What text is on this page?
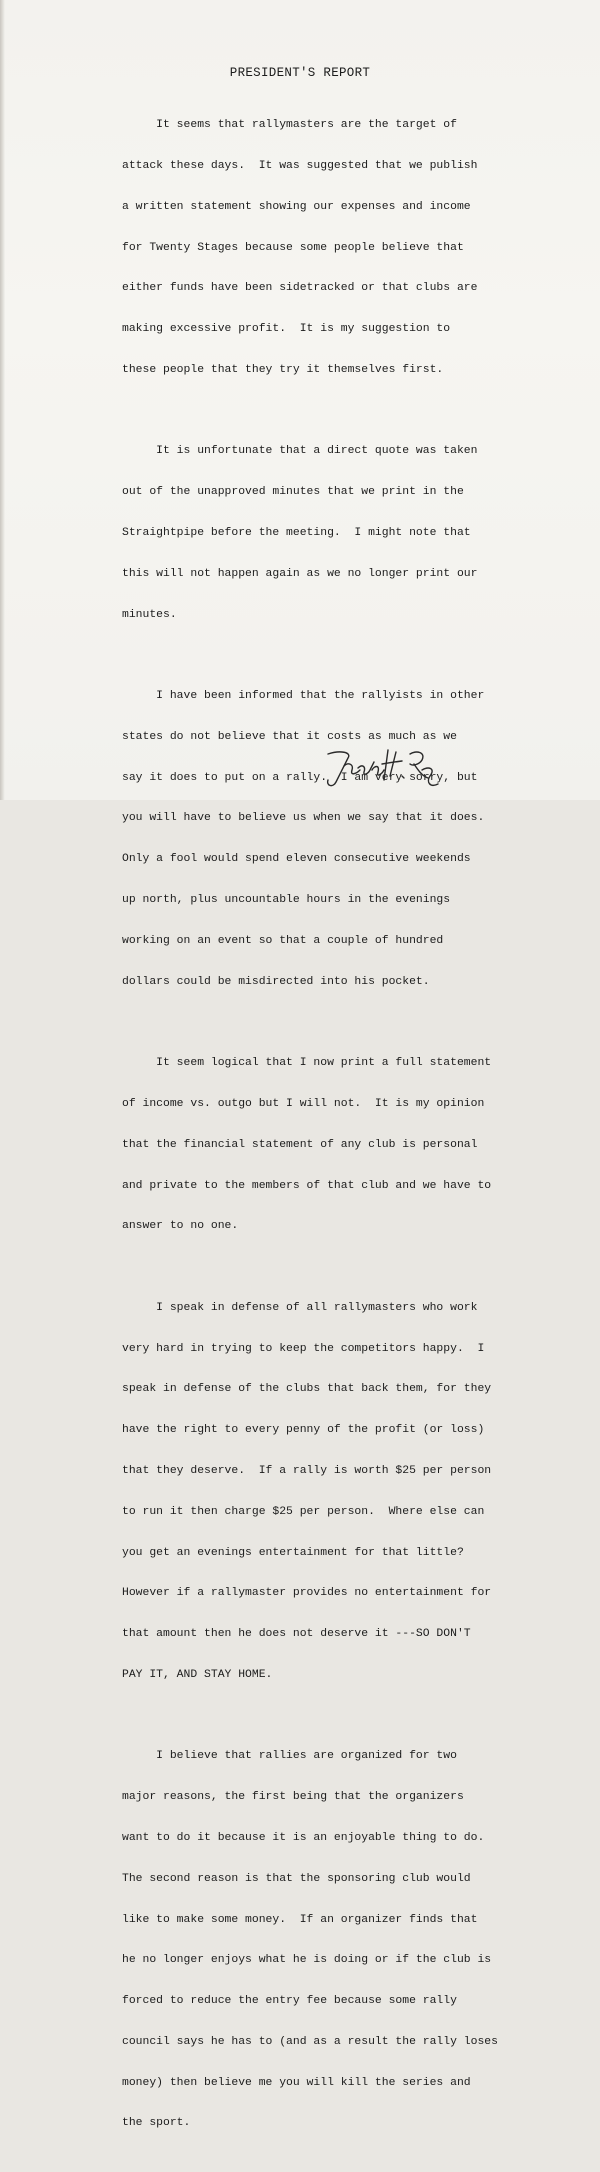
PRESIDENT'S REPORT

It seems that rallymasters are the target of

attack these days.  It was suggested that we publish

a written statement showing our expenses and income

for Twenty Stages because some people believe that

either funds have been sidetracked or that clubs are

making excessive profit.  It is my suggestion to

these people that they try it themselves first.

It is unfortunate that a direct quote was taken

out of the unapproved minutes that we print in the

Straightpipe before the meeting.  I might note that

this will not happen again as we no longer print our

minutes.

I have been informed that the rallyists in other

states do not believe that it costs as much as we

say it does to put on a rally.  I am very sorry, but

you will have to believe us when we say that it does.

Only a fool would spend eleven consecutive weekends

up north, plus uncountable hours in the evenings

working on an event so that a couple of hundred

dollars could be misdirected into his pocket.

It seem logical that I now print a full statement

of income vs. outgo but I will not.  It is my opinion

that the financial statement of any club is personal

and private to the members of that club and we have to

answer to no one.

I speak in defense of all rallymasters who work

very hard in trying to keep the competitors happy.  I

speak in defense of the clubs that back them, for they

have the right to every penny of the profit (or loss)

that they deserve.  If a rally is worth $25 per person

to run it then charge $25 per person.  Where else can

you get an evenings entertainment for that little?

However if a rallymaster provides no entertainment for

that amount then he does not deserve it ---SO DON'T

PAY IT, AND STAY HOME.

I believe that rallies are organized for two

major reasons, the first being that the organizers

want to do it because it is an enjoyable thing to do.

The second reason is that the sponsoring club would

like to make some money.  If an organizer finds that

he no longer enjoys what he is doing or if the club is

forced to reduce the entry fee because some rally

council says he has to (and as a result the rally loses

money) then believe me you will kill the series and

the sport.
